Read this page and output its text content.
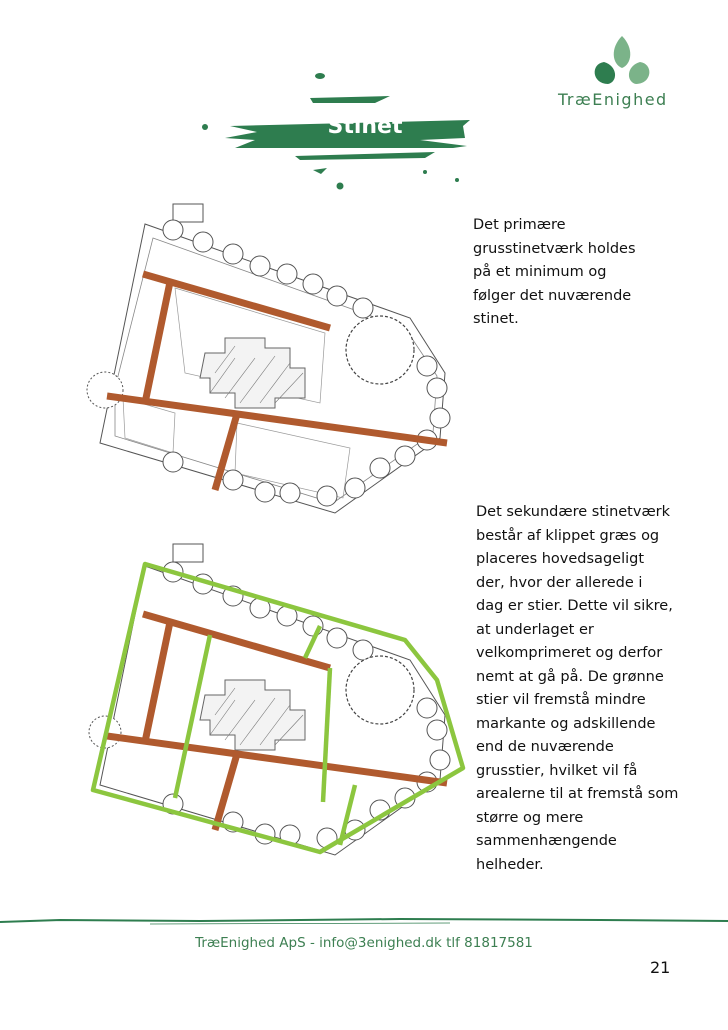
TræEnighed
Stinet
Det primære
grusstinetværk holdes
på et minimum og
følger det nuværende
stinet.
Det sekundære stinetværk
består af klippet græs og
placeres hovedsageligt
der, hvor der allerede i
dag er stier. Dette vil sikre,
at underlaget er
velkomprimeret og derfor
nemt at gå på. De grønne
stier vil fremstå mindre
markante og adskillende
end de nuværende
grusstier, hvilket vil få
arealerne til at fremstå som
større og mere
sammenhængende
helheder.
TræEnighed ApS - info@3enighed.dk tlf 81817581
21
